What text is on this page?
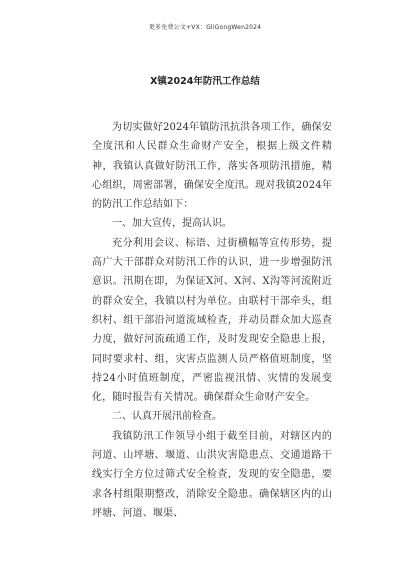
更多免费公文+VX：GliGongWen2024
X镇2024年防汛工作总结

为切实做好2024年镇防汛抗洪各项工作，确保安全度汛和人民群众生命财产安全，根据上级文件精神，我镇认真做好防汛工作，落实各项防汛措施，精心组织，周密部署，确保安全度汛。现对我镇2024年的防汛工作总结如下：

一、加大宣传，提高认识。

充分利用会议、标语、过街横幅等宣传形势，提高广大干部群众对防汛工作的认识，进一步增强防汛意识。汛期在即，为保证X河、X河、X沟等河流附近的群众安全，我镇以村为单位。由联村干部牵头，组织村、组干部沿河道流域检查，并动员群众加大巡查力度，做好河流疏通工作，及时发现安全隐患上报，同时要求村、组，灾害点监测人员严格值班制度，坚持24小时值班制度，严密监视汛情、灾情的发展变化，随时报告有关情况。确保群众生命财产安全。

二、认真开展汛前检查。

我镇防汛工作领导小组于截至目前，对辖区内的河道、山坪塘、堰道、山洪灾害隐患点、交通道路干线实行全方位过筛式安全检查，发现的安全隐患，要求各村组限期整改，消除安全隐患。确保辖区内的山坪塘、河道、堰渠、
